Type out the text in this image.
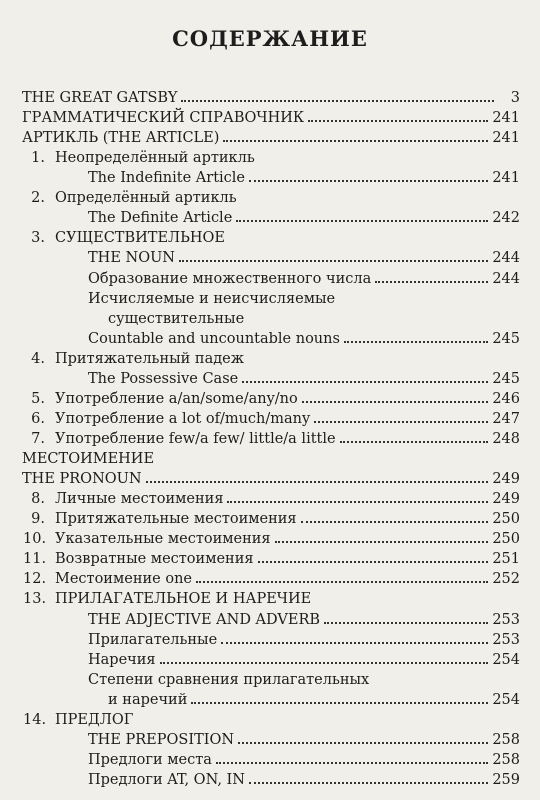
СОДЕРЖАНИЕ
THE GREAT GATSBY	3
ГРАММАТИЧЕСКИЙ СПРАВОЧНИК	241
АРТИКЛЬ (THE ARTICLE)	241
1. Неопределённый артикль
The Indefinite Article	241
2. Определённый артикль
The Definite Article	242
3. СУЩЕСТВИТЕЛЬНОЕ
THE NOUN	244
Образование множественного числа	244
Исчисляемые и неисчисляемые
существительные
Countable and uncountable nouns	245
4. Притяжательный падеж
The Possessive Case	245
5. Употребление a/an/some/any/no	246
6. Употребление a lot of/much/many	247
7. Употребление few/a few/ little/a little	248
МЕСТОИМЕНИЕ
THE PRONOUN	249
8. Личные местоимения	249
9. Притяжательные местоимения	250
10. Указательные местоимения	250
11. Возвратные местоимения	251
12. Местоимение one	252
13. ПРИЛАГАТЕЛЬНОЕ И НАРЕЧИЕ
THE ADJECTIVE AND ADVERB	253
Прилагательные	253
Наречия	254
Степени сравнения прилагательных
и наречий	254
14. ПРЕДЛОГ
THE PREPOSITION	258
Предлоги места	258
Предлоги AT, ON, IN	259
